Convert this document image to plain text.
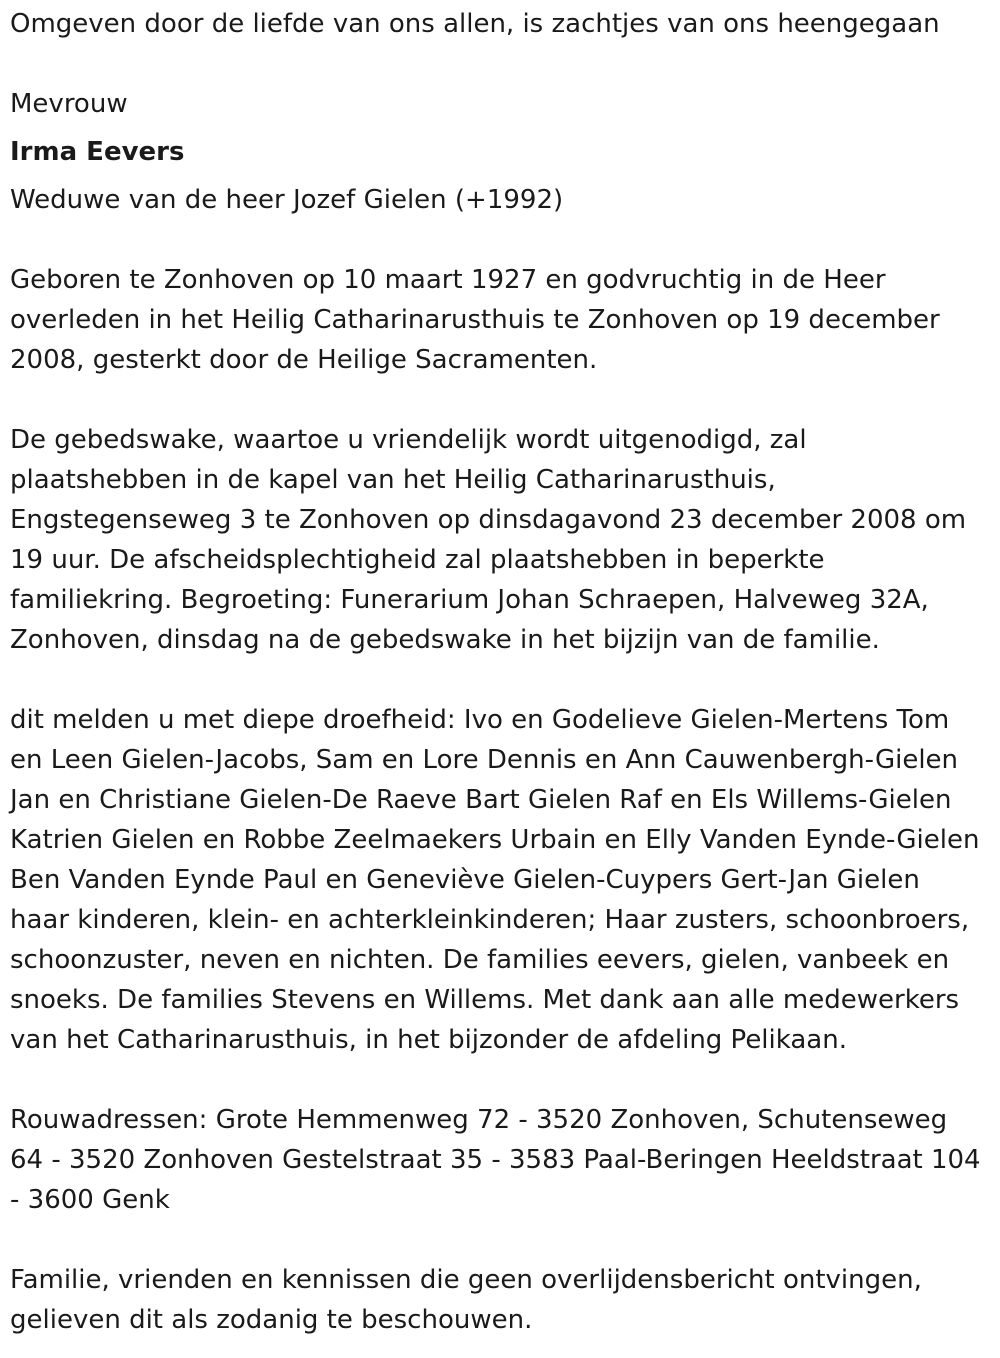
Omgeven door de liefde van ons allen, is zachtjes van ons heengegaan

Mevrouw

Irma Eevers

Weduwe van de heer Jozef Gielen (+1992)

Geboren te Zonhoven op 10 maart 1927 en godvruchtig in de Heer
overleden in het Heilig Catharinarusthuis te Zonhoven op 19 december
2008, gesterkt door de Heilige Sacramenten.
De gebedswake, waartoe u vriendelijk wordt uitgenodigd, zal
plaatshebben in de kapel van het Heilig Catharinarusthuis,
Engstegenseweg 3 te Zonhoven op dinsdagavond 23 december 2008 om
19 uur. De afscheidsplechtigheid zal plaatshebben in beperkte
familiekring. Begroeting: Funerarium Johan Schraepen, Halveweg 32A,
Zonhoven, dinsdag na de gebedswake in het bijzijn van de familie.
dit melden u met diepe droefheid: Ivo en Godelieve Gielen-Mertens Tom
en Leen Gielen-Jacobs, Sam en Lore Dennis en Ann Cauwenbergh-Gielen
Jan en Christiane Gielen-De Raeve Bart Gielen Raf en Els Willems-Gielen
Katrien Gielen en Robbe Zeelmaekers Urbain en Elly Vanden Eynde-Gielen
Ben Vanden Eynde Paul en Geneviève Gielen-Cuypers Gert-Jan Gielen
haar kinderen, klein- en achterkleinkinderen; Haar zusters, schoonbroers,
schoonzuster, neven en nichten. De families eevers, gielen, vanbeek en
snoeks. De families Stevens en Willems. Met dank aan alle medewerkers
van het Catharinarusthuis, in het bijzonder de afdeling Pelikaan.
Rouwadressen: Grote Hemmenweg 72 - 3520 Zonhoven, Schutenseweg
64 - 3520 Zonhoven Gestelstraat 35 - 3583 Paal-Beringen Heeldstraat 104
- 3600 Genk
Familie, vrienden en kennissen die geen overlijdensbericht ontvingen,
gelieven dit als zodanig te beschouwen.
